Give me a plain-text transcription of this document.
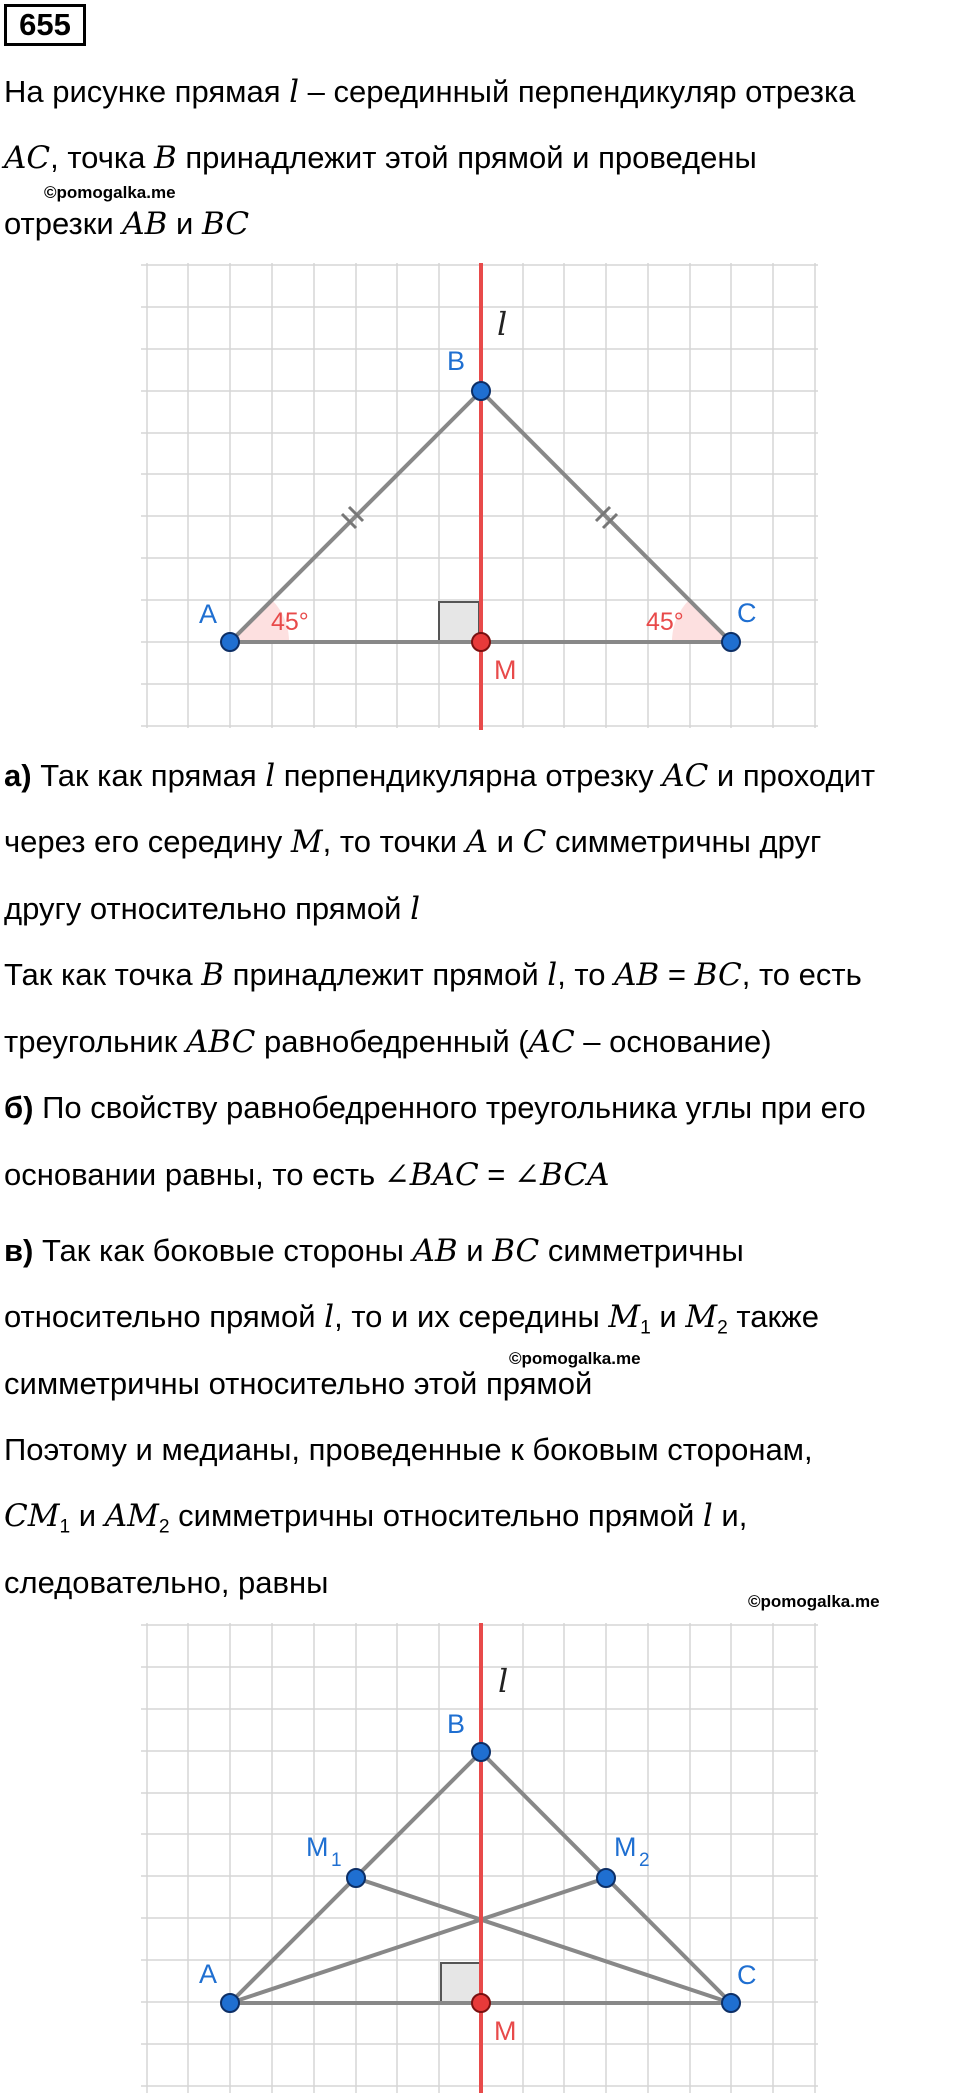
655
На рисунке прямая l – серединный перпендикуляр отрезка
AC, точка B принадлежит этой прямой и проведены
©pomogalka.me
отрезки AB и BC
A
B
C
M
l
45°	45°
а) Так как прямая l перпендикулярна отрезку AC и проходит
через его середину M, то точки A и C симметричны друг
другу относительно прямой l
Так как точка B принадлежит прямой l, то AB = BC, то есть
треугольник ABC равнобедренный (AC – основание)
б) По свойству равнобедренного треугольника углы при его
основании равны, то есть ∠BAC = ∠BCA
в) Так как боковые стороны AB и BC симметричны
относительно прямой l, то и их середины $M_1$ и $M_2$ также
©pomogalka.me
симметричны относительно этой прямой
Поэтому и медианы, проведенные к боковым сторонам,
$CM_1$ и $AM_2$ симметричны относительно прямой l и,
следовательно, равны
©pomogalka.me
A
B
C
M
M 1	M 2
l
